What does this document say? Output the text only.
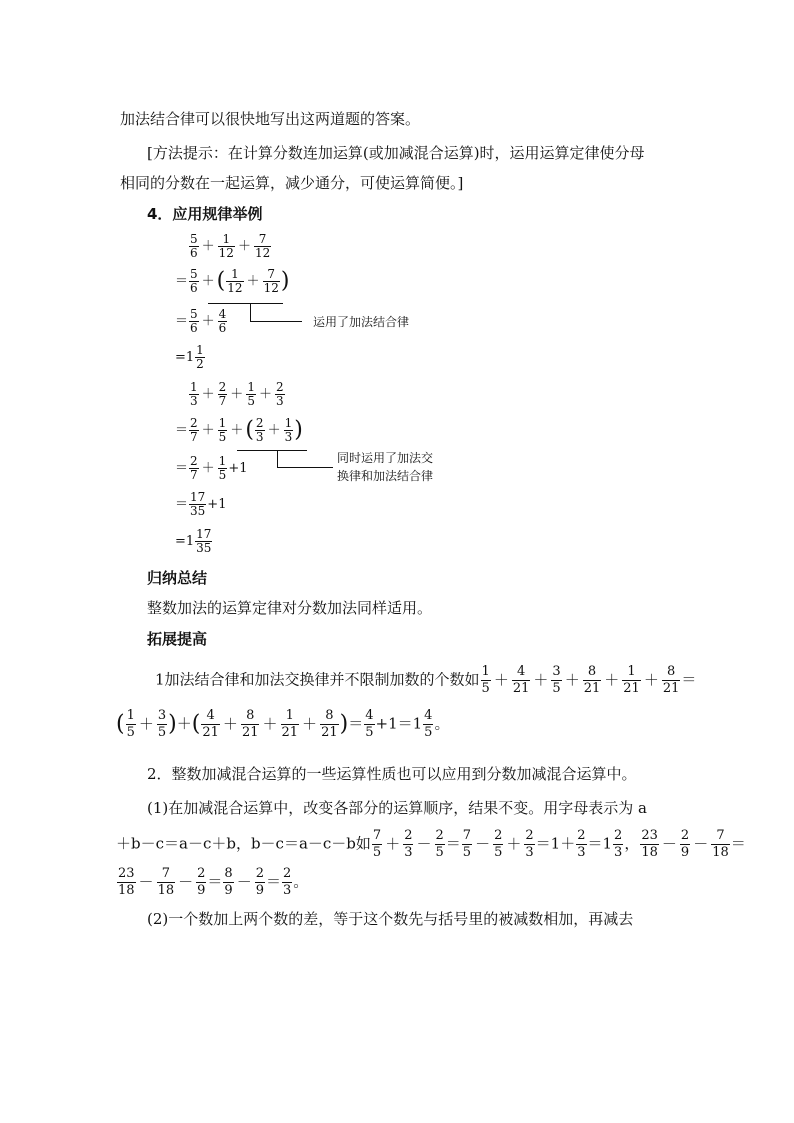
加法结合律可以很快地写出这两道题的答案。
[方法提示：在计算分数连加运算(或加减混合运算)时，运用运算定律使分母
相同的分数在一起运算，减少通分，可使运算简便。]
4．应用规律举例
$\frac{5}{6} + \frac{1}{12} + \frac{7}{12}$
＝ $\frac{5}{6}$ ＋( $\frac{1}{12} + \frac{7}{12}$ )
运用了加法结合律
＝ $\frac{5}{6} + \frac{4}{6}$
$=1 \frac{1}{2}$
$\frac{1}{3} + \frac{2}{7} + \frac{1}{5} + \frac{2}{3}$
＝ $\frac{2}{7} + \frac{1}{5}$ ＋( $\frac{2}{3} + \frac{1}{3}$ )
同时运用了加法交
换律和加法结合律
＝ $\frac{2}{7} + \frac{1}{5} +1$
＝ $\frac{17}{35} +1$
$=1 \frac{17}{35}$
归纳总结
整数加法的运算定律对分数加法同样适用。
拓展提高
1加法结合律和加法交换律并不限制加数的个数如 $\frac{1}{5} + \frac{4}{21} + \frac{3}{5} + \frac{8}{21} + \frac{1}{21} + \frac{8}{21}$ ＝
( $\frac{1}{5} + \frac{3}{5}$ )＋( $\frac{4}{21} + \frac{8}{21} + \frac{1}{21} + \frac{8}{21}$ )＝ $\frac{4}{5} +1=1 \frac{4}{5}$ 。
2．整数加减混合运算的一些运算性质也可以应用到分数加减混合运算中。
(1)在加减混合运算中，改变各部分的运算顺序，结果不变。用字母表示为 a
＋b－c＝a－c＋b，b－c＝a－c－b如 $\frac{7}{5} + \frac{2}{3} - \frac{2}{5} = \frac{7}{5} - \frac{2}{5} + \frac{2}{3} =1+ \frac{2}{3} =1 \frac{2}{3}$ ， $\frac{23}{18} - \frac{2}{9} - \frac{7}{18}$ ＝
$\frac{23}{18} - \frac{7}{18} - \frac{2}{9} = \frac{8}{9} - \frac{2}{9} = \frac{2}{3}$ 。
(2)一个数加上两个数的差，等于这个数先与括号里的被减数相加，再减去
